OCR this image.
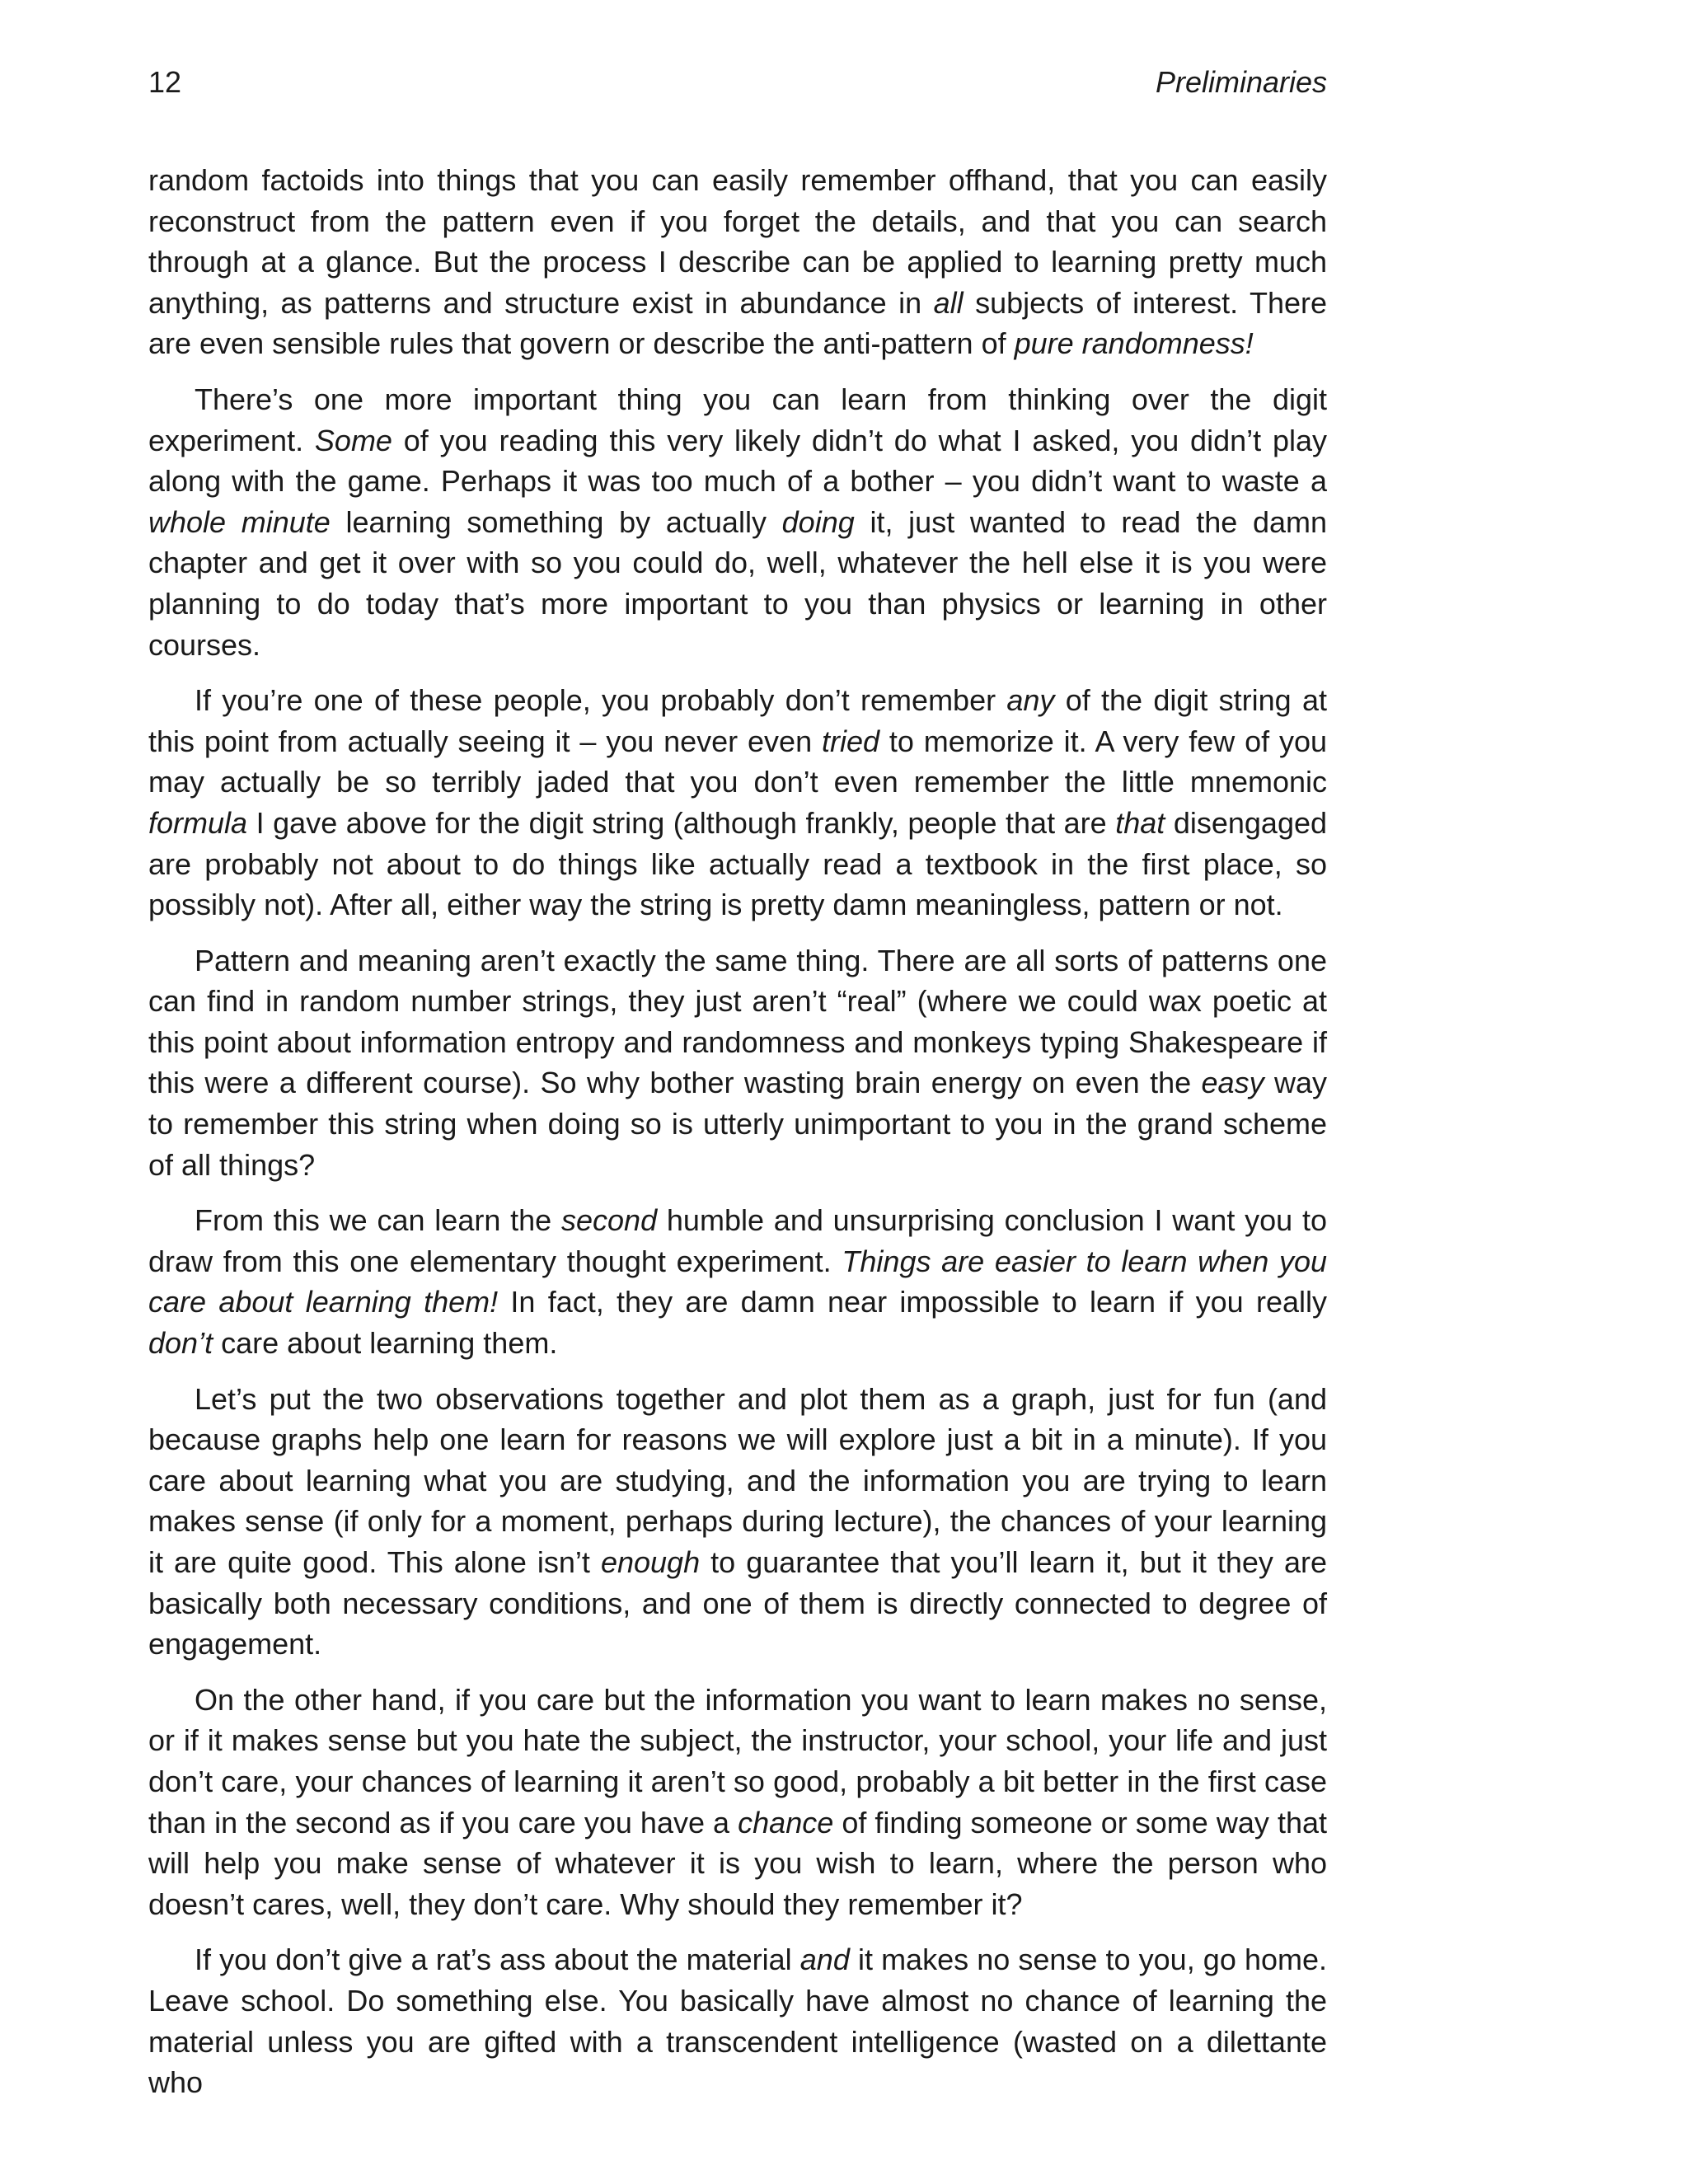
12	Preliminaries

random factoids into things that you can easily remember offhand, that you can easily reconstruct from the pattern even if you forget the details, and that you can search through at a glance. But the process I describe can be applied to learning pretty much anything, as patterns and structure exist in abundance in all subjects of interest. There are even sensible rules that govern or describe the anti-pattern of pure randomness!

There’s one more important thing you can learn from thinking over the digit experiment. Some of you reading this very likely didn’t do what I asked, you didn’t play along with the game. Perhaps it was too much of a bother – you didn’t want to waste a whole minute learning something by actually doing it, just wanted to read the damn chapter and get it over with so you could do, well, whatever the hell else it is you were planning to do today that’s more important to you than physics or learning in other courses.

If you’re one of these people, you probably don’t remember any of the digit string at this point from actually seeing it – you never even tried to memorize it. A very few of you may actually be so terribly jaded that you don’t even remember the little mnemonic formula I gave above for the digit string (although frankly, people that are that disengaged are probably not about to do things like actually read a textbook in the first place, so possibly not). After all, either way the string is pretty damn meaningless, pattern or not.

Pattern and meaning aren’t exactly the same thing. There are all sorts of patterns one can find in random number strings, they just aren’t “real” (where we could wax poetic at this point about information entropy and randomness and monkeys typing Shakespeare if this were a different course). So why bother wasting brain energy on even the easy way to remember this string when doing so is utterly unimportant to you in the grand scheme of all things?

From this we can learn the second humble and unsurprising conclusion I want you to draw from this one elementary thought experiment. Things are easier to learn when you care about learning them! In fact, they are damn near impossible to learn if you really don’t care about learning them.

Let’s put the two observations together and plot them as a graph, just for fun (and because graphs help one learn for reasons we will explore just a bit in a minute). If you care about learning what you are studying, and the information you are trying to learn makes sense (if only for a moment, perhaps during lecture), the chances of your learning it are quite good. This alone isn’t enough to guarantee that you’ll learn it, but it they are basically both necessary conditions, and one of them is directly connected to degree of engagement.

On the other hand, if you care but the information you want to learn makes no sense, or if it makes sense but you hate the subject, the instructor, your school, your life and just don’t care, your chances of learning it aren’t so good, probably a bit better in the first case than in the second as if you care you have a chance of finding someone or some way that will help you make sense of whatever it is you wish to learn, where the person who doesn’t cares, well, they don’t care. Why should they remember it?

If you don’t give a rat’s ass about the material and it makes no sense to you, go home. Leave school. Do something else. You basically have almost no chance of learning the material unless you are gifted with a transcendent intelligence (wasted on a dilettante who
